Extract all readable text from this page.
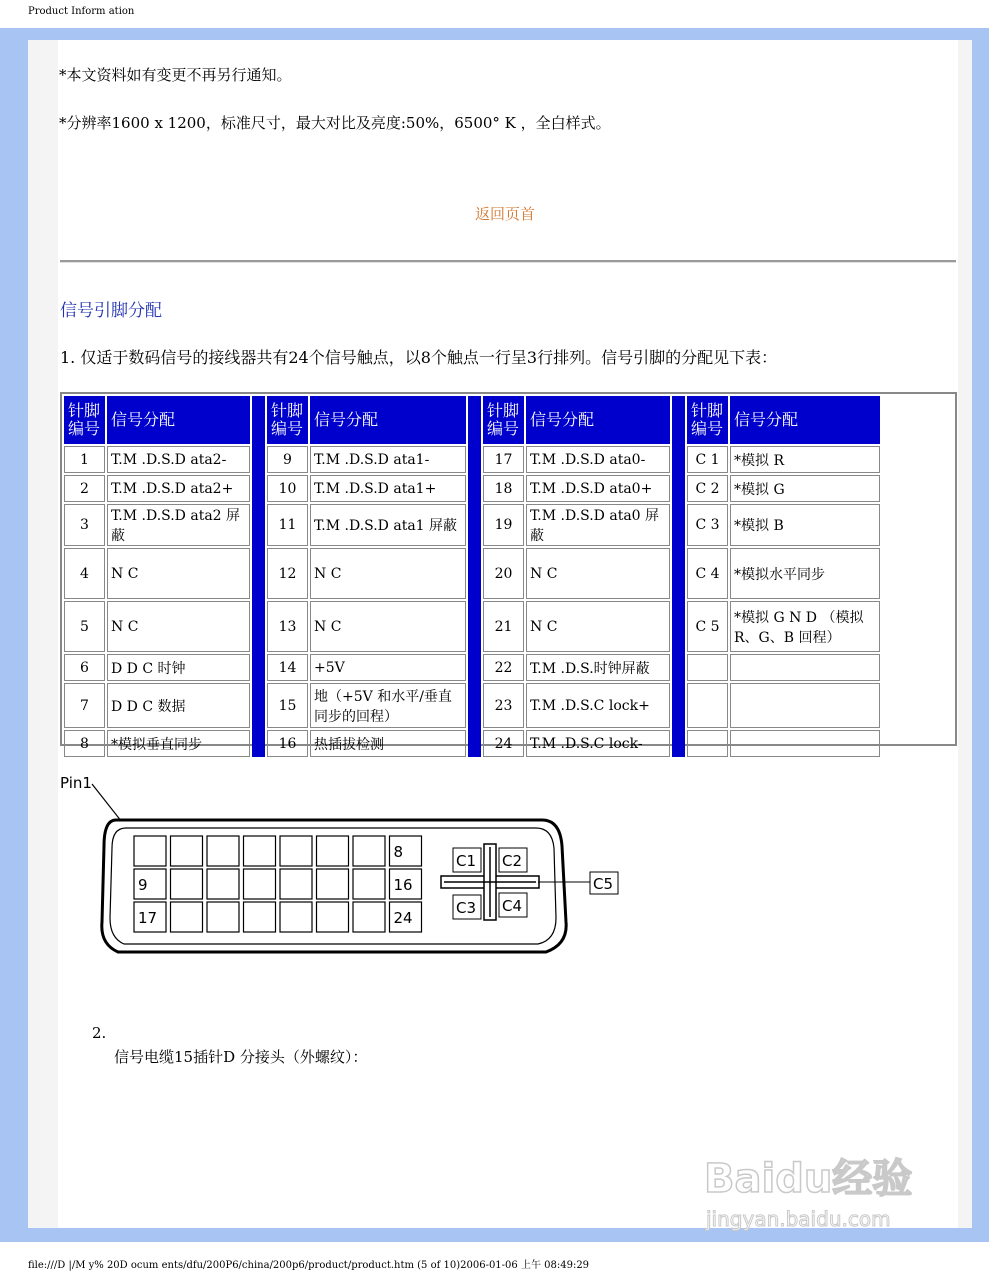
Product Inform ation
*本文资料如有变更不再另行通知。
*分辨率1600 x 1200，标准尺寸，最大对比及亮度:50%，6500° K ，全白样式。
返回页首
信号引脚分配
1. 仅适于数码信号的接线器共有24个信号触点，以8个触点一行呈3行排列。信号引脚的分配见下表：
针脚
编号	信号分配		针脚
编号	信号分配		针脚
编号	信号分配		针脚
编号	信号分配
1	T.M .D.S.D ata2-		9	T.M .D.S.D ata1-		17	T.M .D.S.D ata0-		C 1	*模拟 R
2	T.M .D.S.D ata2+		10	T.M .D.S.D ata1+		18	T.M .D.S.D ata0+		C 2	*模拟 G
3	T.M .D.S.D ata2 屏蔽		11	T.M .D.S.D ata1 屏蔽		19	T.M .D.S.D ata0 屏蔽		C 3	*模拟 B
4	N C		12	N C		20	N C		C 4	*模拟水平同步
5	N C		13	N C		21	N C		C 5	*模拟 G N D （模拟 R、G、B 回程）
6	D D C 时钟		14	+5V		22	T.M .D.S.时钟屏蔽			
7	D D C 数据		15	地（+5V 和水平/垂直同步的回程）		23	T.M .D.S.C lock+			
8	*模拟垂直同步		16	热插拔检测		24	T.M .D.S.C lock-			
Pin1
8
9	16
17	24
C1 C2
C3 C4
C5
2.
信号电缆15插针D 分接头（外螺纹）：
Baidu经验
jingyan.baidu.com
file:///D |/M y% 20D ocum ents/dfu/200P6/china/200p6/product/product.htm (5 of 10)2006-01-06 上午 08:49:29
